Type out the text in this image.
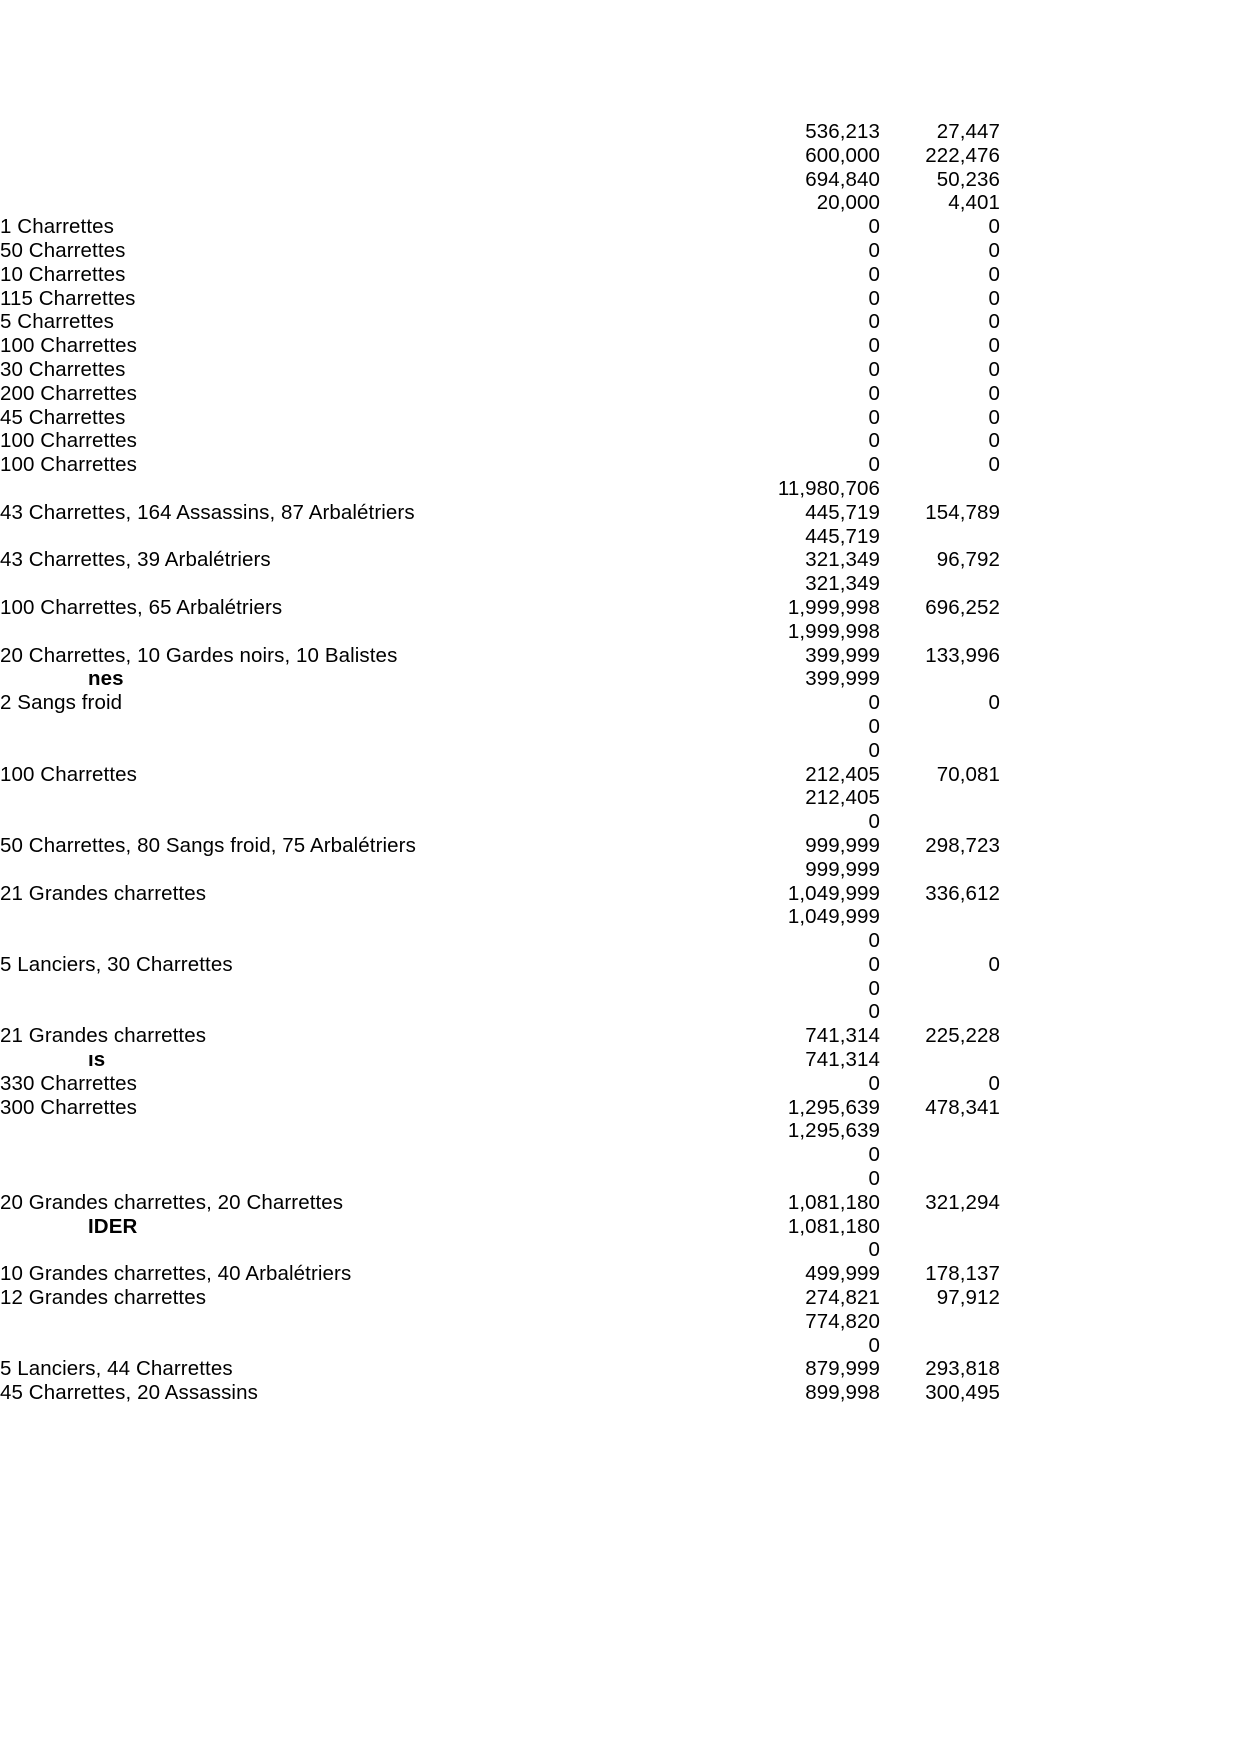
	536,213	27,447
	600,000	222,476
	694,840	50,236
	20,000	4,401
1 Charrettes	0	0
50 Charrettes	0	0
10 Charrettes	0	0
115 Charrettes	0	0
5 Charrettes	0	0
100 Charrettes	0	0
30 Charrettes	0	0
200 Charrettes	0	0
45 Charrettes	0	0
100 Charrettes	0	0
100 Charrettes	0	0
	11,980,706	
43 Charrettes, 164 Assassins, 87 Arbalétriers	445,719	154,789
	445,719	
43 Charrettes, 39 Arbalétriers	321,349	96,792
	321,349	
100 Charrettes, 65 Arbalétriers	1,999,998	696,252
	1,999,998	
20 Charrettes, 10 Gardes noirs, 10 Balistes	399,999	133,996
nes	399,999	
2 Sangs froid	0	0
	0	
	0	
100 Charrettes	212,405	70,081
	212,405	
	0	
50 Charrettes, 80 Sangs froid, 75 Arbalétriers	999,999	298,723
	999,999	
21 Grandes charrettes	1,049,999	336,612
	1,049,999	
	0	
5 Lanciers, 30 Charrettes	0	0
	0	
	0	
21 Grandes charrettes	741,314	225,228
ıs	741,314	
330 Charrettes	0	0
300 Charrettes	1,295,639	478,341
	1,295,639	
	0	
	0	
20 Grandes charrettes, 20 Charrettes	1,081,180	321,294
IDER	1,081,180	
	0	
10 Grandes charrettes, 40 Arbalétriers	499,999	178,137
12 Grandes charrettes	274,821	97,912
	774,820	
	0	
5 Lanciers, 44 Charrettes	879,999	293,818
45 Charrettes, 20 Assassins	899,998	300,495
